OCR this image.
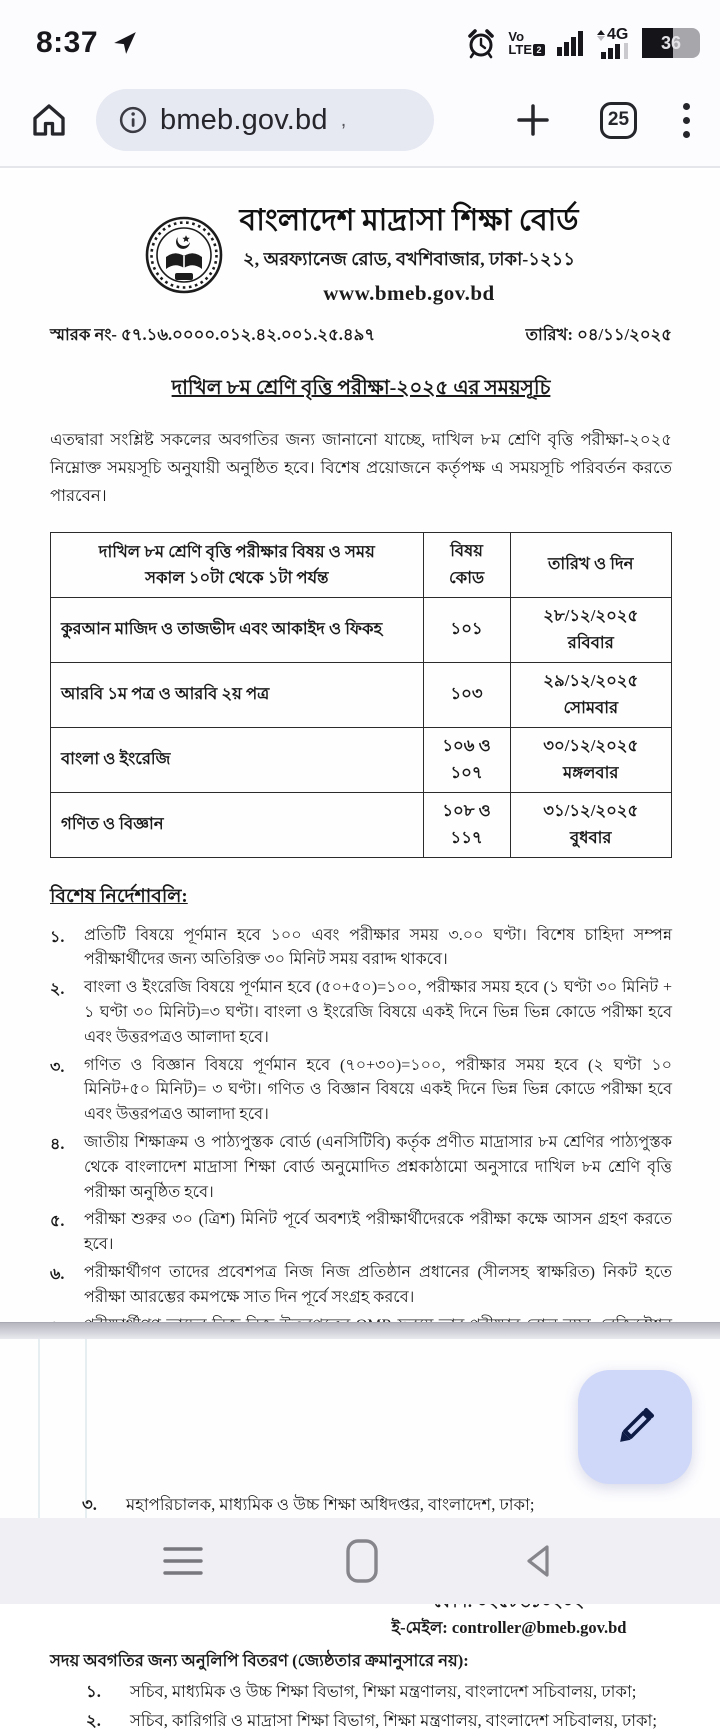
8:37	Vo
LTE 2
4G	36
bmeb.gov.bd ,	25
বাংলাদেশ মাদ্রাসা শিক্ষা বোর্ড
২, অরফ্যানেজ রোড, বখশিবাজার, ঢাকা-১২১১
www.bmeb.gov.bd
স্মারক নং- ৫৭.১৬.০০০০.০১২.৪২.০০১.২৫.৪৯৭	তারিখ: ০৪/১১/২০২৫
দাখিল ৮ম শ্রেণি বৃত্তি পরীক্ষা-২০২৫ এর সময়সূচি
এতদ্বারা সংশ্লিষ্ট সকলের অবগতির জন্য জানানো যাচ্ছে, দাখিল ৮ম শ্রেণি বৃত্তি পরীক্ষা-২০২৫ নিম্নোক্ত সময়সূচি অনুযায়ী অনুষ্ঠিত হবে। বিশেষ প্রয়োজনে কর্তৃপক্ষ এ সময়সূচি পরিবর্তন করতে পারবেন।
দাখিল ৮ম শ্রেণি বৃত্তি পরীক্ষার বিষয় ও সময়
সকাল ১০টা থেকে ১টা পর্যন্ত	বিষয় কোড	তারিখ ও দিন
কুরআন মাজিদ ও তাজভীদ এবং আকাইদ ও ফিকহ	১০১	২৮/১২/২০২৫ রবিবার
আরবি ১ম পত্র ও আরবি ২য় পত্র	১০৩	২৯/১২/২০২৫ সোমবার
বাংলা ও ইংরেজি	১০৬ ও ১০৭	৩০/১২/২০২৫ মঙ্গলবার
গণিত ও বিজ্ঞান	১০৮ ও ১১৭	৩১/১২/২০২৫ বুধবার
বিশেষ নির্দেশাবলি:
১.	প্রতিটি বিষয়ে পূর্ণমান হবে ১০০ এবং পরীক্ষার সময় ৩.০০ ঘণ্টা। বিশেষ চাহিদা সম্পন্ন পরীক্ষার্থীদের জন্য অতিরিক্ত ৩০ মিনিট সময় বরাদ্দ থাকবে।
২.	বাংলা ও ইংরেজি বিষয়ে পূর্ণমান হবে (৫০+৫০)=১০০, পরীক্ষার সময় হবে (১ ঘণ্টা ৩০ মিনিট + ১ ঘণ্টা ৩০ মিনিট)=৩ ঘণ্টা। বাংলা ও ইংরেজি বিষয়ে একই দিনে ভিন্ন ভিন্ন কোডে পরীক্ষা হবে এবং উত্তরপত্রও আলাদা হবে।
৩.	গণিত ও বিজ্ঞান বিষয়ে পূর্ণমান হবে (৭০+৩০)=১০০, পরীক্ষার সময় হবে (২ ঘণ্টা ১০ মিনিট+৫০ মিনিট)= ৩ ঘণ্টা। গণিত ও বিজ্ঞান বিষয়ে একই দিনে ভিন্ন ভিন্ন কোডে পরীক্ষা হবে এবং উত্তরপত্রও আলাদা হবে।
৪.	জাতীয় শিক্ষাক্রম ও পাঠ্যপুস্তক বোর্ড (এনসিটিবি) কর্তৃক প্রণীত মাদ্রাসার ৮ম শ্রেণির পাঠ্যপুস্তক থেকে বাংলাদেশ মাদ্রাসা শিক্ষা বোর্ড অনুমোদিত প্রশ্নকাঠামো অনুসারে দাখিল ৮ম শ্রেণি বৃত্তি পরীক্ষা অনুষ্ঠিত হবে।
৫.	পরীক্ষা শুরুর ৩০ (ত্রিশ) মিনিট পূর্বে অবশ্যই পরীক্ষার্থীদেরকে পরীক্ষা কক্ষে আসন গ্রহণ করতে হবে।
৬.	পরীক্ষার্থীগণ তাদের প্রবেশপত্র নিজ নিজ প্রতিষ্ঠান প্রধানের (সীলসহ স্বাক্ষরিত) নিকট হতে পরীক্ষা আরম্ভের কমপক্ষে সাত দিন পূর্বে সংগ্রহ করবে।
ই-মেইল: controller@bmeb.gov.bd
সদয় অবগতির জন্য অনুলিপি বিতরণ (জ্যেষ্ঠতার ক্রমানুসারে নয়):
১.	সচিব, মাধ্যমিক ও উচ্চ শিক্ষা বিভাগ, শিক্ষা মন্ত্রণালয়, বাংলাদেশ সচিবালয়, ঢাকা;
২.	সচিব, কারিগরি ও মাদ্রাসা শিক্ষা বিভাগ, শিক্ষা মন্ত্রণালয়, বাংলাদেশ সচিবালয়, ঢাকা;
৩.	মহাপরিচালক, মাধ্যমিক ও উচ্চ শিক্ষা অধিদপ্তর, বাংলাদেশ, ঢাকা;
